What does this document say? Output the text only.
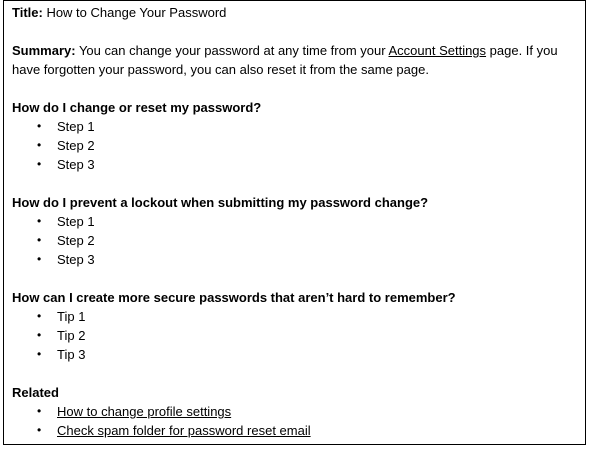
Title: How to Change Your Password
Summary: You can change your password at any time from your Account Settings page. If you have forgotten your password, you can also reset it from the same page.
How do I change or reset my password?
• Step 1
• Step 2
• Step 3
How do I prevent a lockout when submitting my password change?
• Step 1
• Step 2
• Step 3
How can I create more secure passwords that aren’t hard to remember?
• Tip 1
• Tip 2
• Tip 3
Related
• How to change profile settings
• Check spam folder for password reset email
